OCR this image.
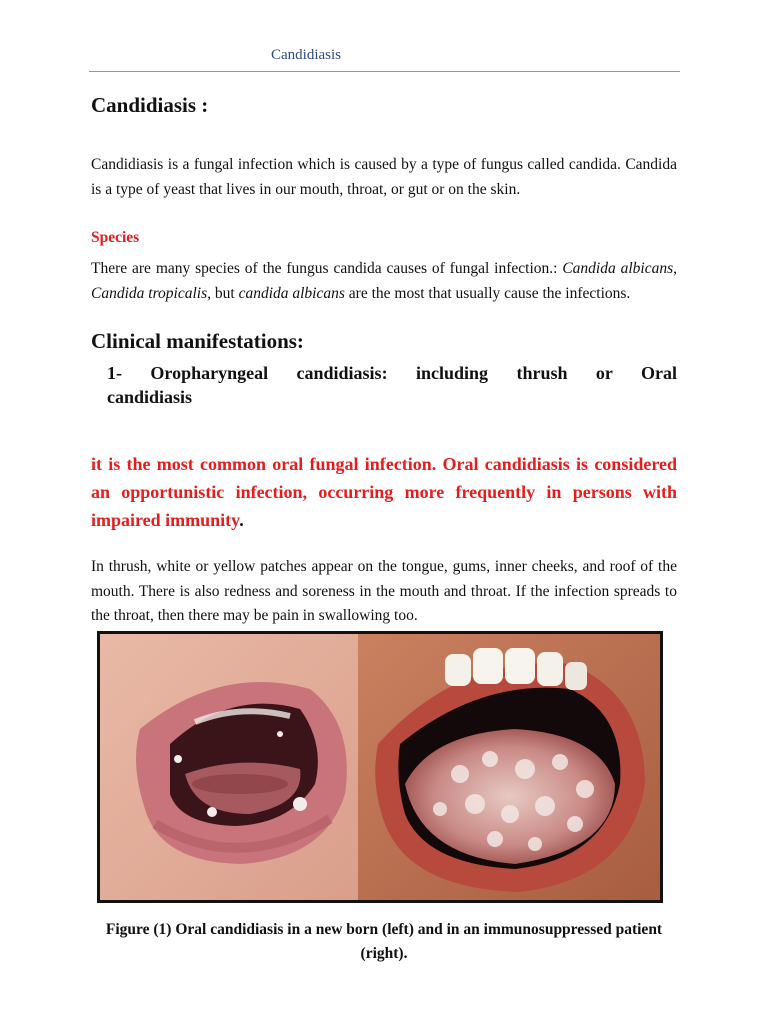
Candidiasis
Candidiasis :
Candidiasis is a fungal infection which is caused by a type of fungus called candida. Candida is a type of yeast that lives in our mouth, throat, or gut or on the skin.
Species
There are many species of the fungus candida causes of fungal infection.: Candida albicans, Candida tropicalis, but candida albicans are the most that usually cause the infections.
Clinical manifestations:
1- Oropharyngeal candidiasis: including thrush or Oral
candidiasis
it is the most common oral fungal infection. Oral candidiasis is considered an opportunistic infection, occurring more frequently in persons with impaired immunity.
In thrush, white or yellow patches appear on the tongue, gums, inner cheeks, and roof of the mouth. There is also redness and soreness in the mouth and throat. If the infection spreads to the throat, then there may be pain in swallowing too.
Figure (1) Oral candidiasis in a new born (left) and in an immunosuppressed patient (right).
